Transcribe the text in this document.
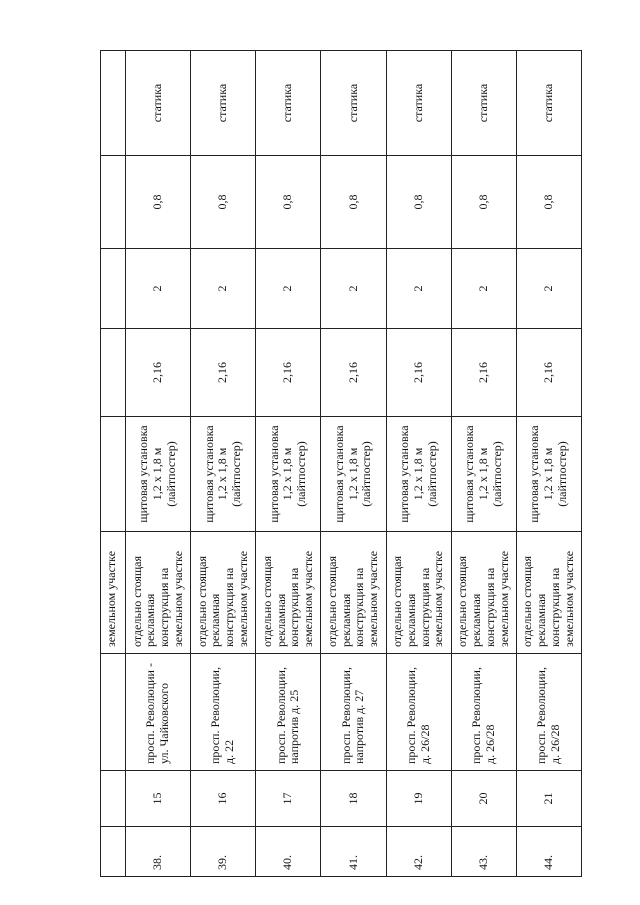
			земельном участке					
38.	15	просп. Революции - ул. Чайковского	отдельно стоящая рекламная конструкция на земельном участке	щитовая установка 1,2 х 1,8 м (лайтпостер)	2,16	2	0,8	статика
39.	16	просп. Революции, д. 22	отдельно стоящая рекламная конструкция на земельном участке	щитовая установка 1,2 х 1,8 м (лайтпостер)	2,16	2	0,8	статика
40.	17	просп. Революции, напротив д. 25	отдельно стоящая рекламная конструкция на земельном участке	щитовая установка 1,2 х 1,8 м (лайтпостер)	2,16	2	0,8	статика
41.	18	просп. Революции, напротив д. 27	отдельно стоящая рекламная конструкция на земельном участке	щитовая установка 1,2 х 1,8 м (лайтпостер)	2,16	2	0,8	статика
42.	19	просп. Революции, д. 26/28	отдельно стоящая рекламная конструкция на земельном участке	щитовая установка 1,2 х 1,8 м (лайтпостер)	2,16	2	0,8	статика
43.	20	просп. Революции, д. 26/28	отдельно стоящая рекламная конструкция на земельном участке	щитовая установка 1,2 х 1,8 м (лайтпостер)	2,16	2	0,8	статика
44.	21	просп. Революции, д. 26/28	отдельно стоящая рекламная конструкция на земельном участке	щитовая установка 1,2 х 1,8 м (лайтпостер)	2,16	2	0,8	статика
